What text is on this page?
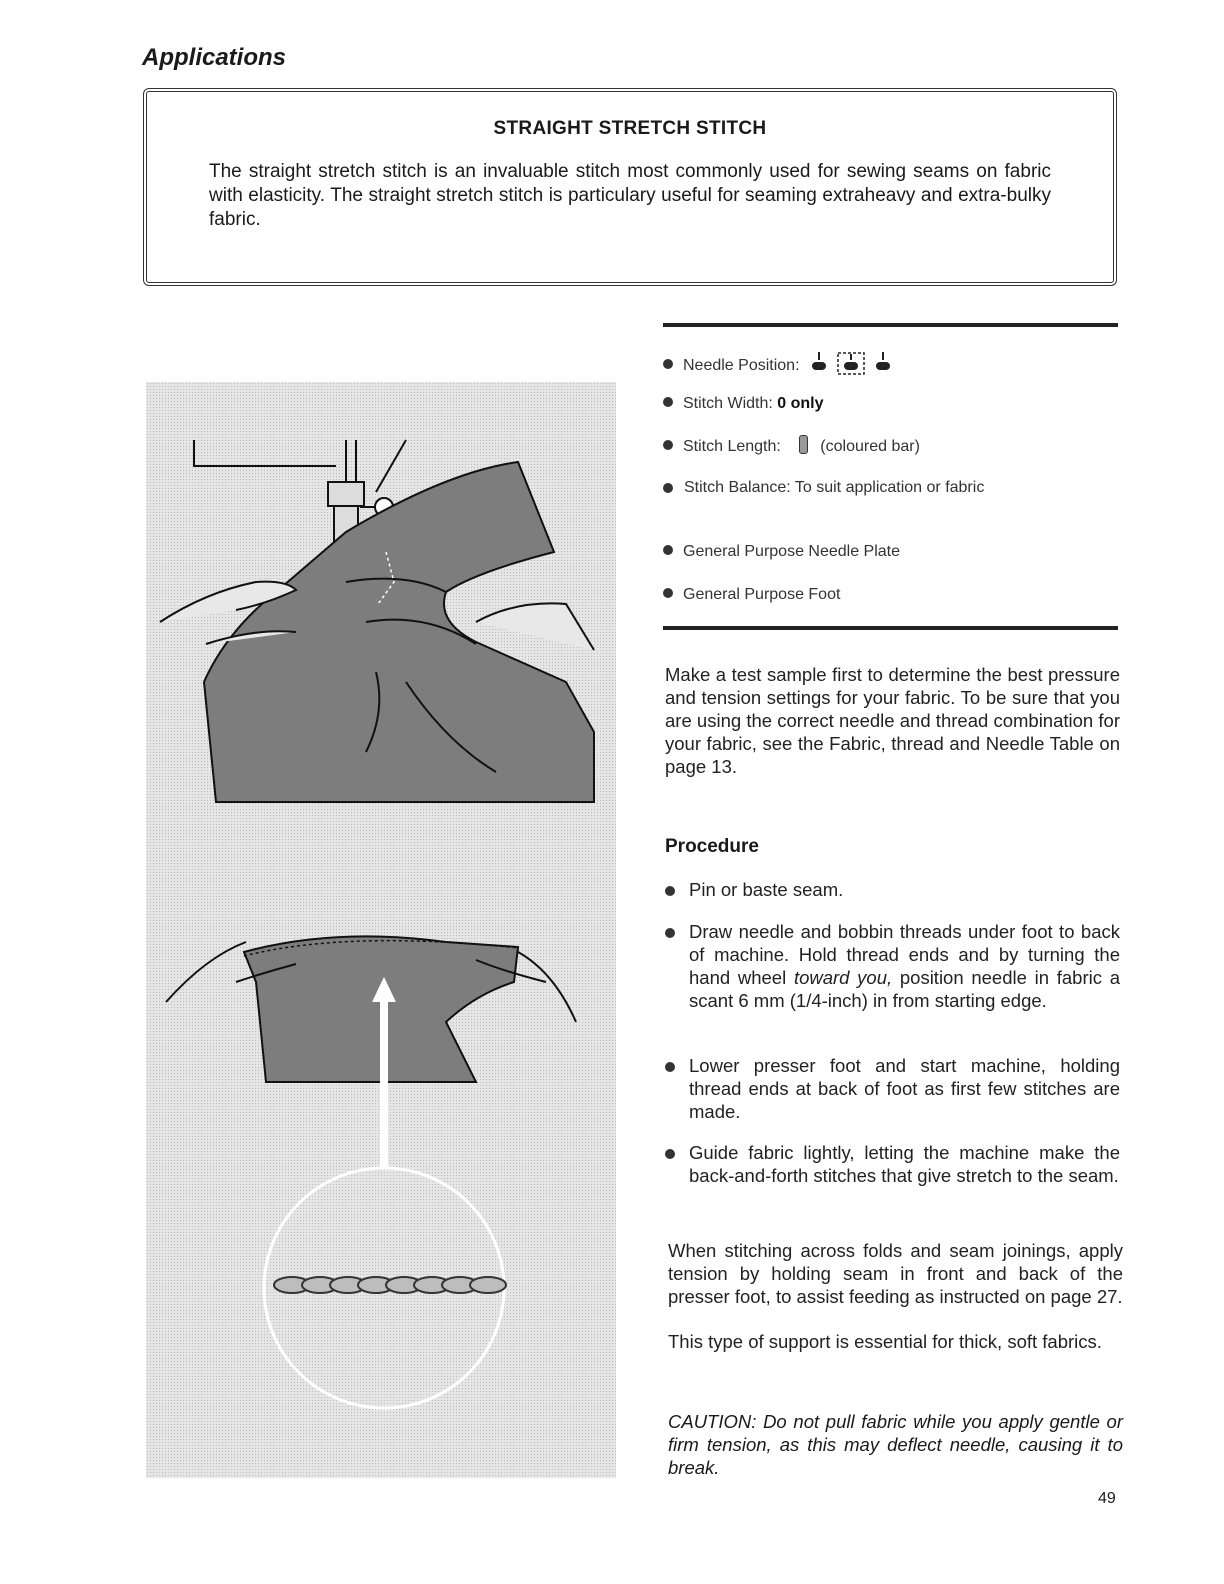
Applications
STRAIGHT STRETCH STITCH
The straight stretch stitch is an invaluable stitch most commonly used for sewing seams on fabric with elasticity. The straight stretch stitch is particulary useful for seaming extraheavy and extra-bulky fabric.
Needle Position:
Stitch Width: 0 only
Stitch Length: (coloured bar)
Stitch Balance: To suit application or fabric
General Purpose Needle Plate
General Purpose Foot
Make a test sample first to determine the best pressure and tension settings for your fabric. To be sure that you are using the correct needle and thread combination for your fabric, see the Fabric, thread and Needle Table on page 13.
Procedure
Pin or baste seam.
Draw needle and bobbin threads under foot to back of machine. Hold thread ends and by turning the hand wheel toward you, position needle in fabric a scant 6 mm (1/4-inch) in from starting edge.
Lower presser foot and start machine, holding thread ends at back of foot as first few stitches are made.
Guide fabric lightly, letting the machine make the back-and-forth stitches that give stretch to the seam.
When stitching across folds and seam joinings, apply tension by holding seam in front and back of the presser foot, to assist feeding as instructed on page 27.
This type of support is essential for thick, soft fabrics.
CAUTION: Do not pull fabric while you apply gentle or firm tension, as this may deflect needle, causing it to break.
49
